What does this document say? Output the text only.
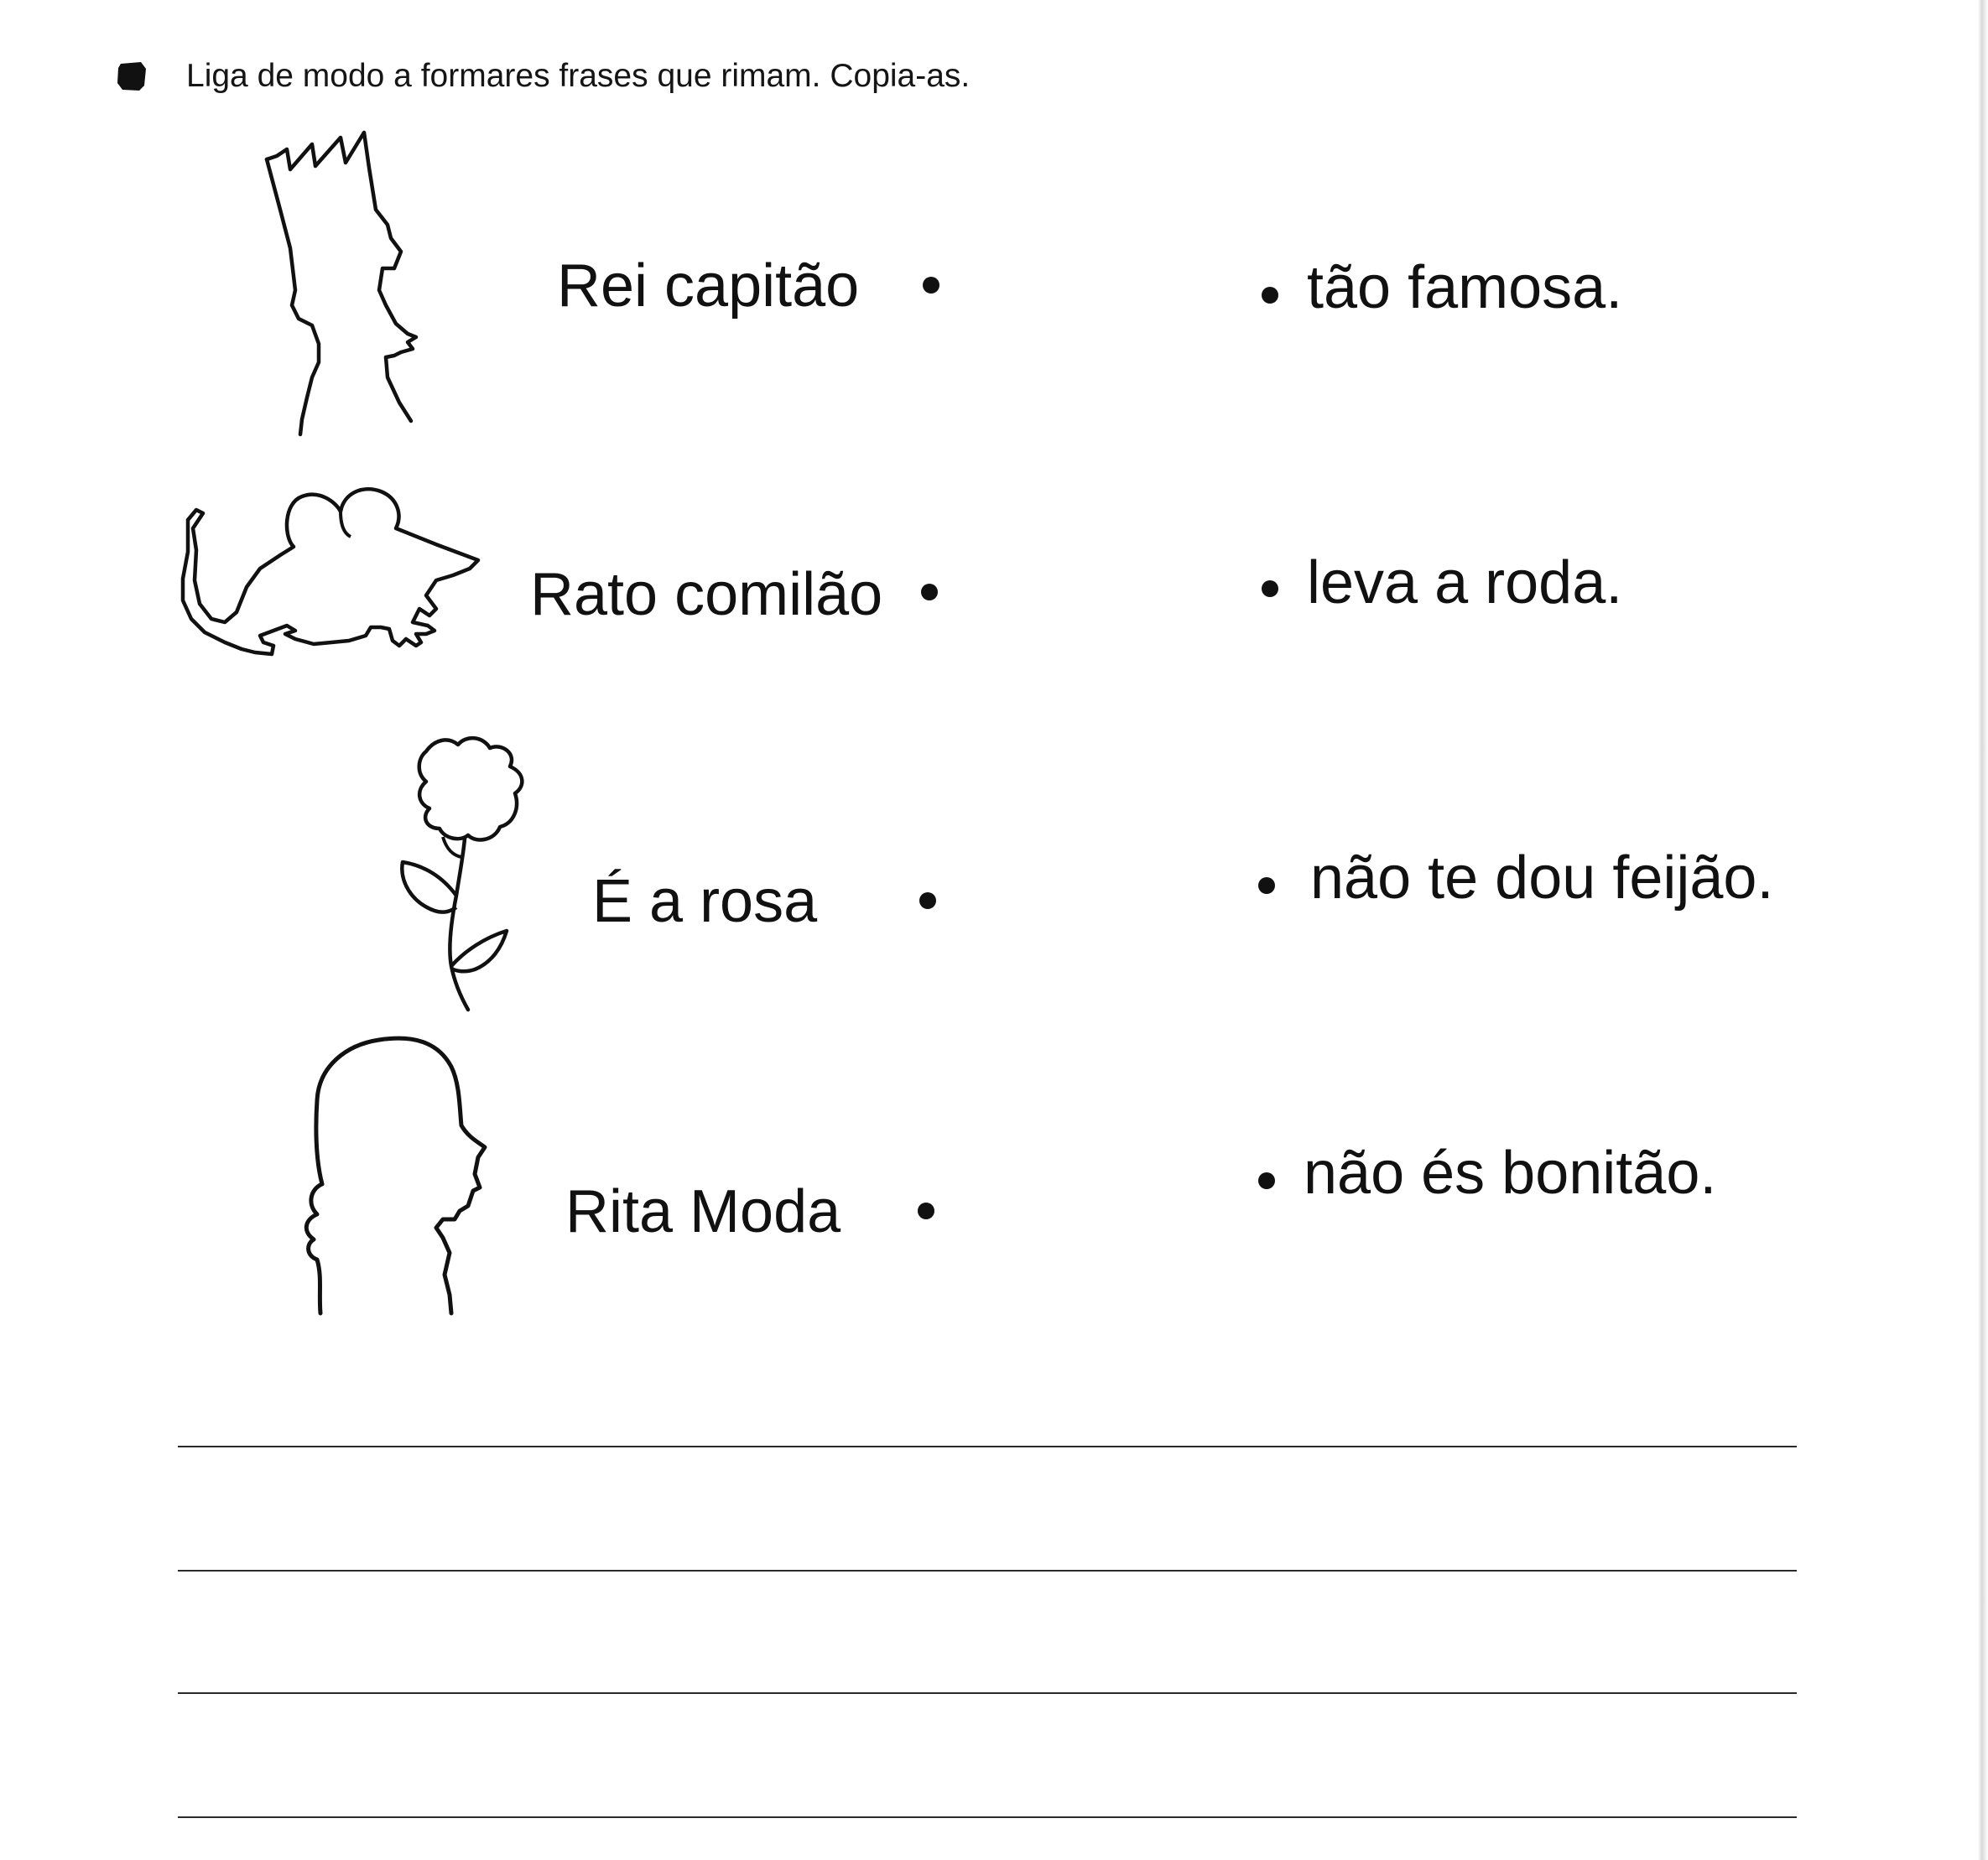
Liga de modo a formares frases que rimam. Copia-as.
Rei capitão
Rato comilão
É a rosa
Rita Moda
tão famosa.
leva a roda.
não te dou feijão.
não és bonitão.
